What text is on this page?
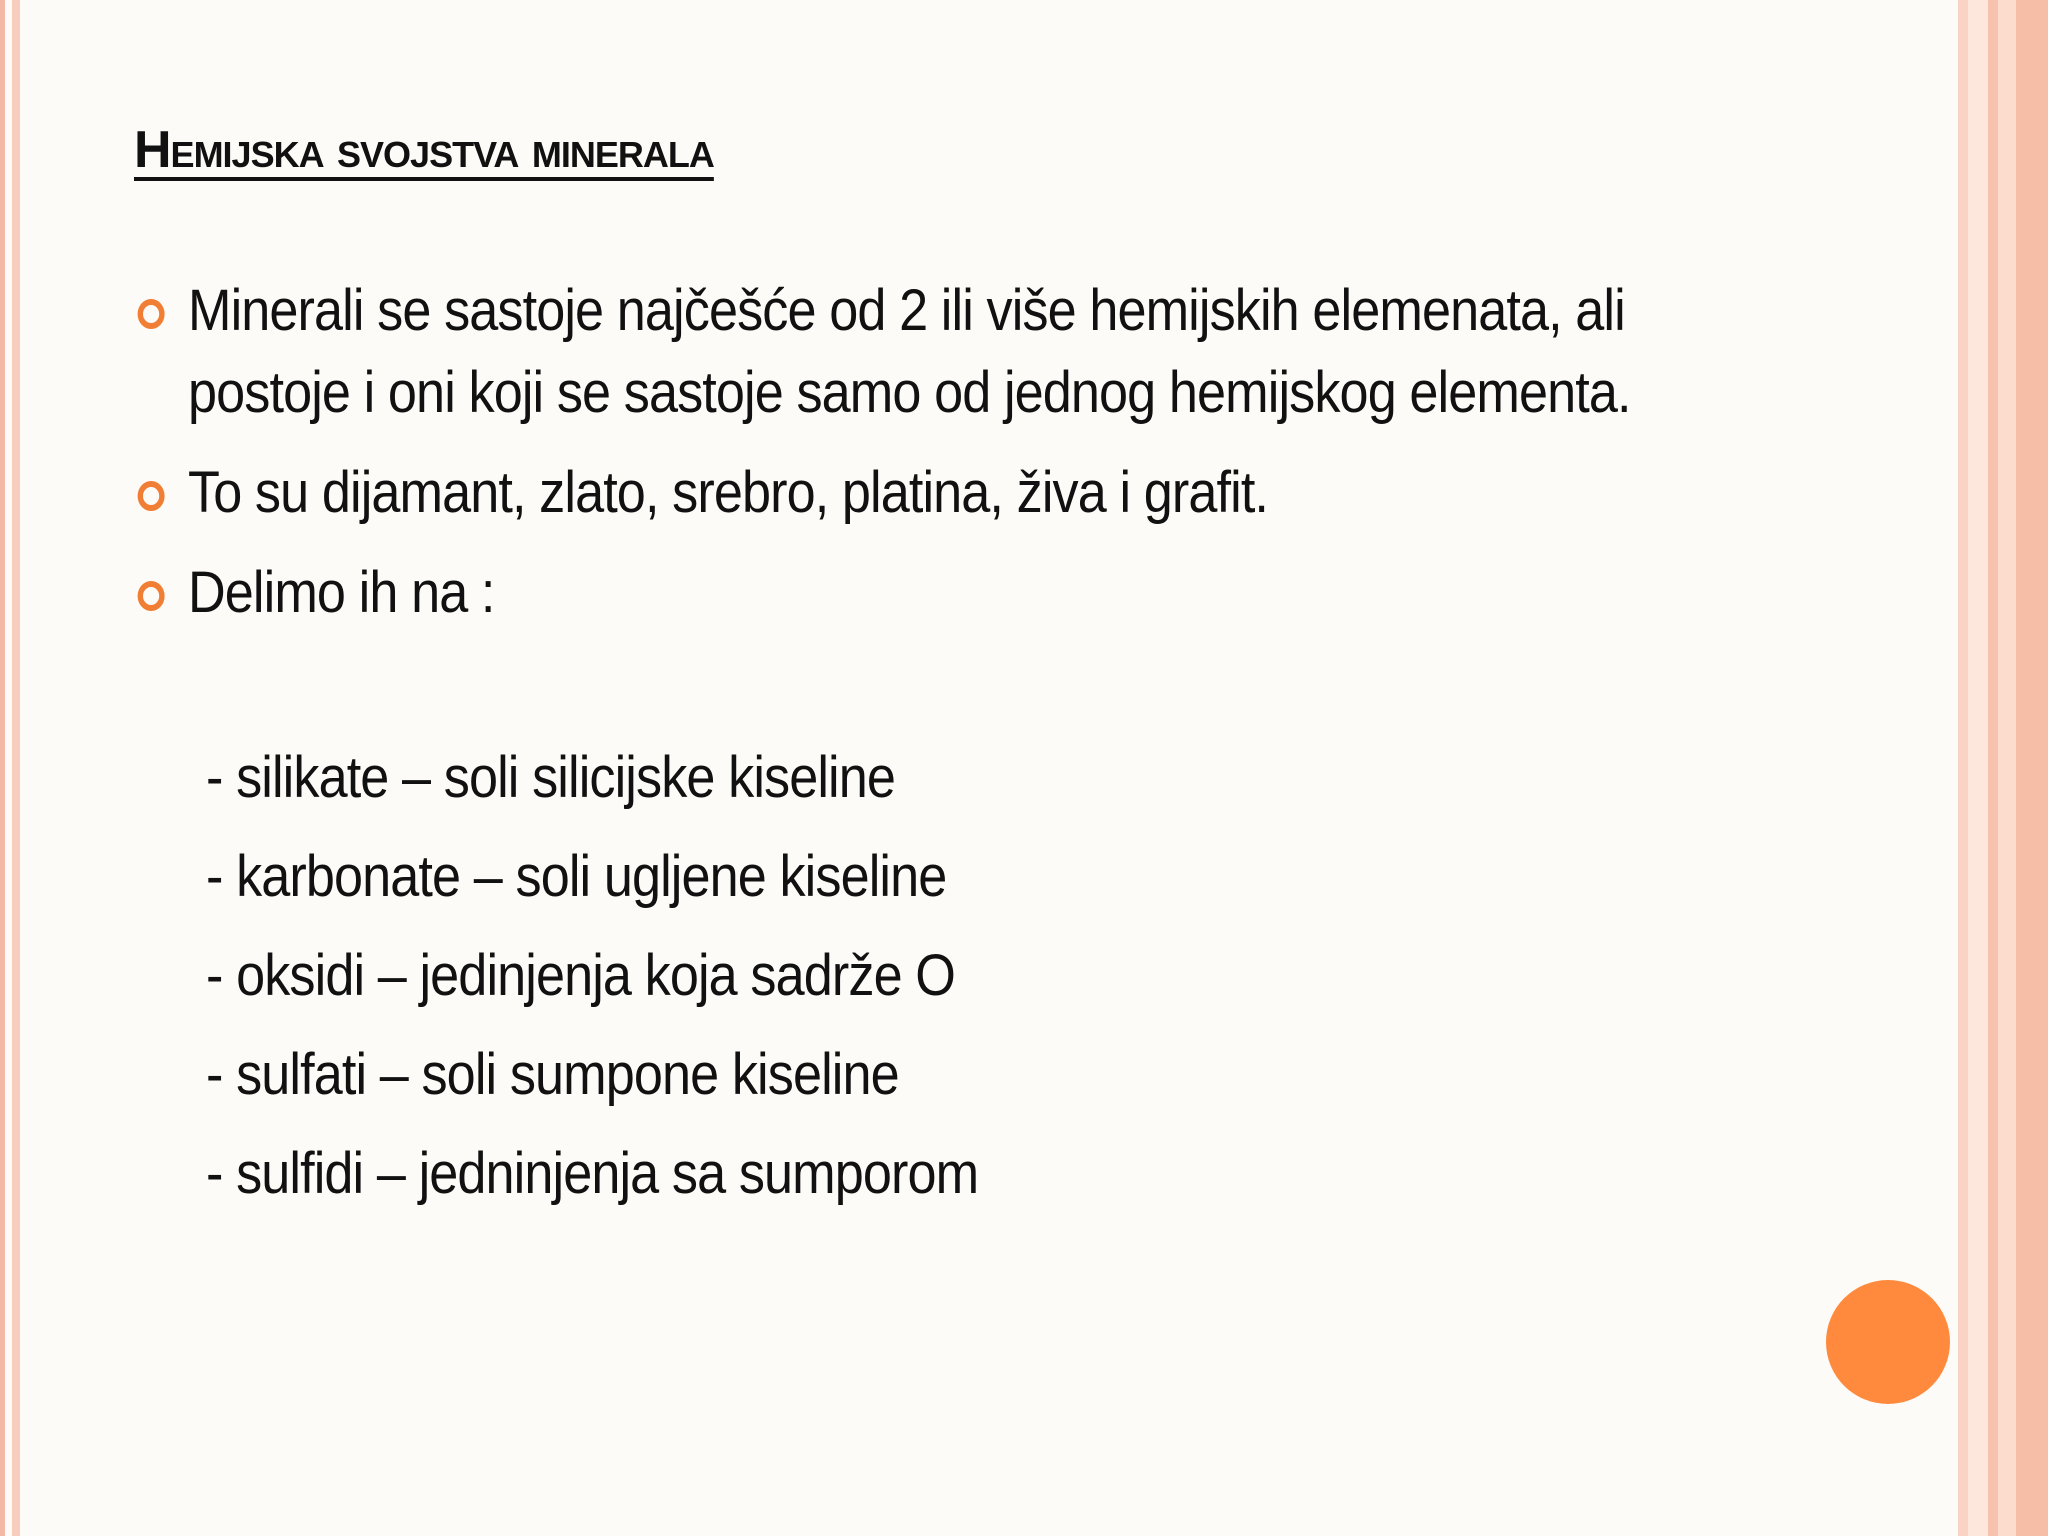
Hemijska svojstva minerala
Minerali se sastoje najčešće od 2 ili više hemijskih elemenata, ali postoje i oni koji se sastoje samo od jednog hemijskog elementa.
To su dijamant, zlato, srebro, platina, živa i grafit.
Delimo ih na :
- silikate – soli silicijske kiseline
- karbonate – soli ugljene kiseline
- oksidi – jedinjenja koja sadrže O
- sulfati – soli sumpone kiseline
- sulfidi – jedninjenja sa sumporom
